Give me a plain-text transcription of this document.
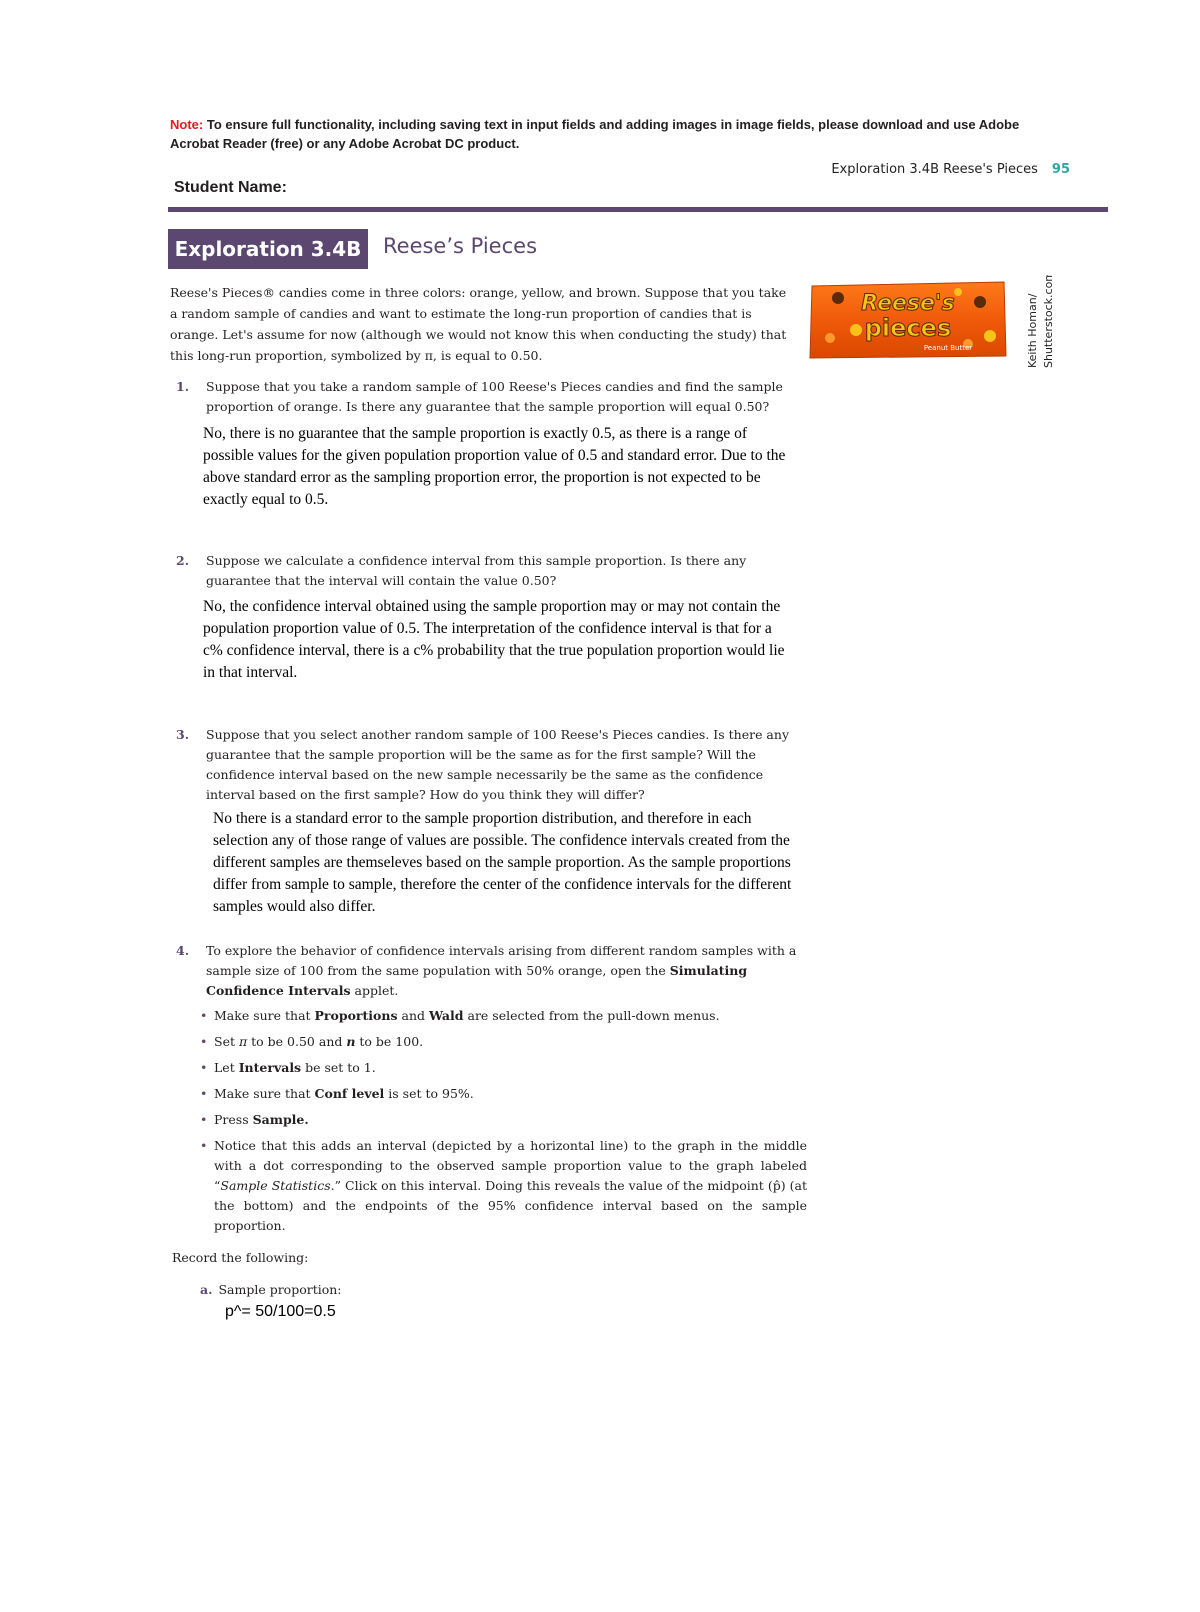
Note: To ensure full functionality, including saving text in input fields and adding images in image fields, please download and use Adobe Acrobat Reader (free) or any Adobe Acrobat DC product.
Exploration 3.4B Reese's Pieces 95
Student Name:
Exploration 3.4B	Reese’s Pieces
Reese's Pieces® candies come in three colors: orange, yellow, and brown. Suppose that you take a random sample of candies and want to estimate the long-run proportion of candies that is orange. Let's assume for now (although we would not know this when conducting the study) that this long-run proportion, symbolized by π, is equal to 0.50.
Reese's
pieces
Peanut Butter	Keith Homan/ Shutterstock.com
1. Suppose that you take a random sample of 100 Reese's Pieces candies and find the sample proportion of orange. Is there any guarantee that the sample proportion will equal 0.50?
No, there is no guarantee that the sample proportion is exactly 0.5, as there is a range of possible values for the given population proportion value of 0.5 and standard error. Due to the above standard error as the sampling proportion error, the proportion is not expected to be exactly equal to 0.5.
2. Suppose we calculate a confidence interval from this sample proportion. Is there any guarantee that the interval will contain the value 0.50?
No, the confidence interval obtained using the sample proportion may or may not contain the population proportion value of 0.5. The interpretation of the confidence interval is that for a c% confidence interval, there is a c% probability that the true population proportion would lie in that interval.
3. Suppose that you select another random sample of 100 Reese's Pieces candies. Is there any guarantee that the sample proportion will be the same as for the first sample? Will the confidence interval based on the new sample necessarily be the same as the confidence interval based on the first sample? How do you think they will differ?
No there is a standard error to the sample proportion distribution, and therefore in each selection any of those range of values are possible. The confidence intervals created from the different samples are themseleves based on the sample proportion. As the sample proportions differ from sample to sample, therefore the center of the confidence intervals for the different samples would also differ.
4. To explore the behavior of confidence intervals arising from different random samples with a sample size of 100 from the same population with 50% orange, open the Simulating Confidence Intervals applet.
• Make sure that Proportions and Wald are selected from the pull-down menus.
• Set π to be 0.50 and n to be 100.
• Let Intervals be set to 1.
• Make sure that Conf level is set to 95%.
• Press Sample.
• Notice that this adds an interval (depicted by a horizontal line) to the graph in the middle with a dot corresponding to the observed sample proportion value to the graph labeled “Sample Statistics.” Click on this interval. Doing this reveals the value of the midpoint (p̂) (at the bottom) and the endpoints of the 95% confidence interval based on the sample proportion.
Record the following:
a. Sample proportion:
p^= 50/100=0.5
